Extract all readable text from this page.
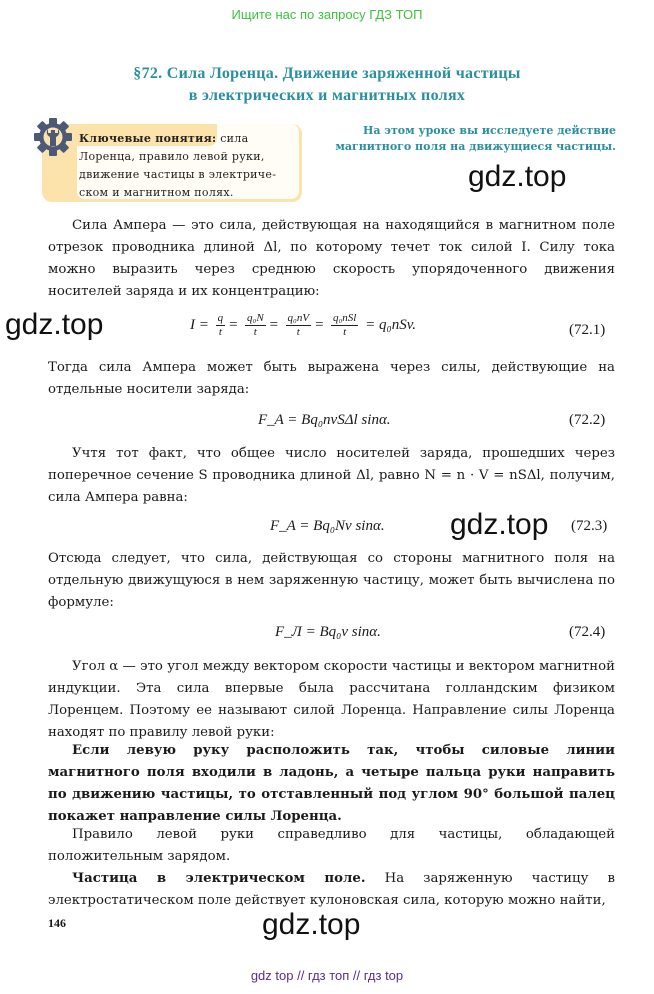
Ищите нас по запросу ГДЗ ТОП
§72. Сила Лоренца. Движение заряженной частицы
в электрических и магнитных полях
Ключевые понятия: сила
Лоренца, правило левой руки,
движение частицы в электриче-
ском и магнитном полях.
На этом уроке вы исследуете действие
магнитного поля на движущиеся частицы.
gdz.top
Сила Ампера — это сила, действующая на находящийся в магнитном поле отрезок проводника длиной Δl, по которому течет ток силой I. Силу тока можно выразить через среднюю скорость упорядоченного движения носителей заряда и их концентрацию:
gdz.top	$I = \frac{q}{t} = \frac{\text{q₀N}}{t} = \frac{\text{q₀nV}}{t} = \frac{\text{q₀nSl}}{t} = q_0nSv$.	(72.1)
Тогда сила Ампера может быть выражена через силы, действующие на отдельные носители заряда:
F_A = Bq₀nvSΔl sinα.	(72.2)
Учтя тот факт, что общее число носителей заряда, прошедших через поперечное сечение S проводника длиной Δl, равно N = n · V = nSΔl, получим, сила Ампера равна:
F_A = Bq₀Nv sinα. gdz.top (72.3)
Отсюда следует, что сила, действующая со стороны магнитного поля на отдельную движущуюся в нем заряженную частицу, может быть вычислена по формуле:
F_Л = Bq₀v sinα.	(72.4)
Угол α — это угол между вектором скорости частицы и вектором магнитной индукции. Эта сила впервые была рассчитана голландским физиком Лоренцем. Поэтому ее называют силой Лоренца. Направление силы Лоренца находят по правилу левой руки:
Если левую руку расположить так, чтобы силовые линии магнитного поля входили в ладонь, а четыре пальца руки направить по движению частицы, то отставленный под углом 90° большой палец покажет направление силы Лоренца.
Правило левой руки справедливо для частицы, обладающей положительным зарядом.
Частица в электрическом поле. На заряженную частицу в электростатическом поле действует кулоновская сила, которую можно найти,
146	gdz.top
gdz top // гдз топ // гдз top
